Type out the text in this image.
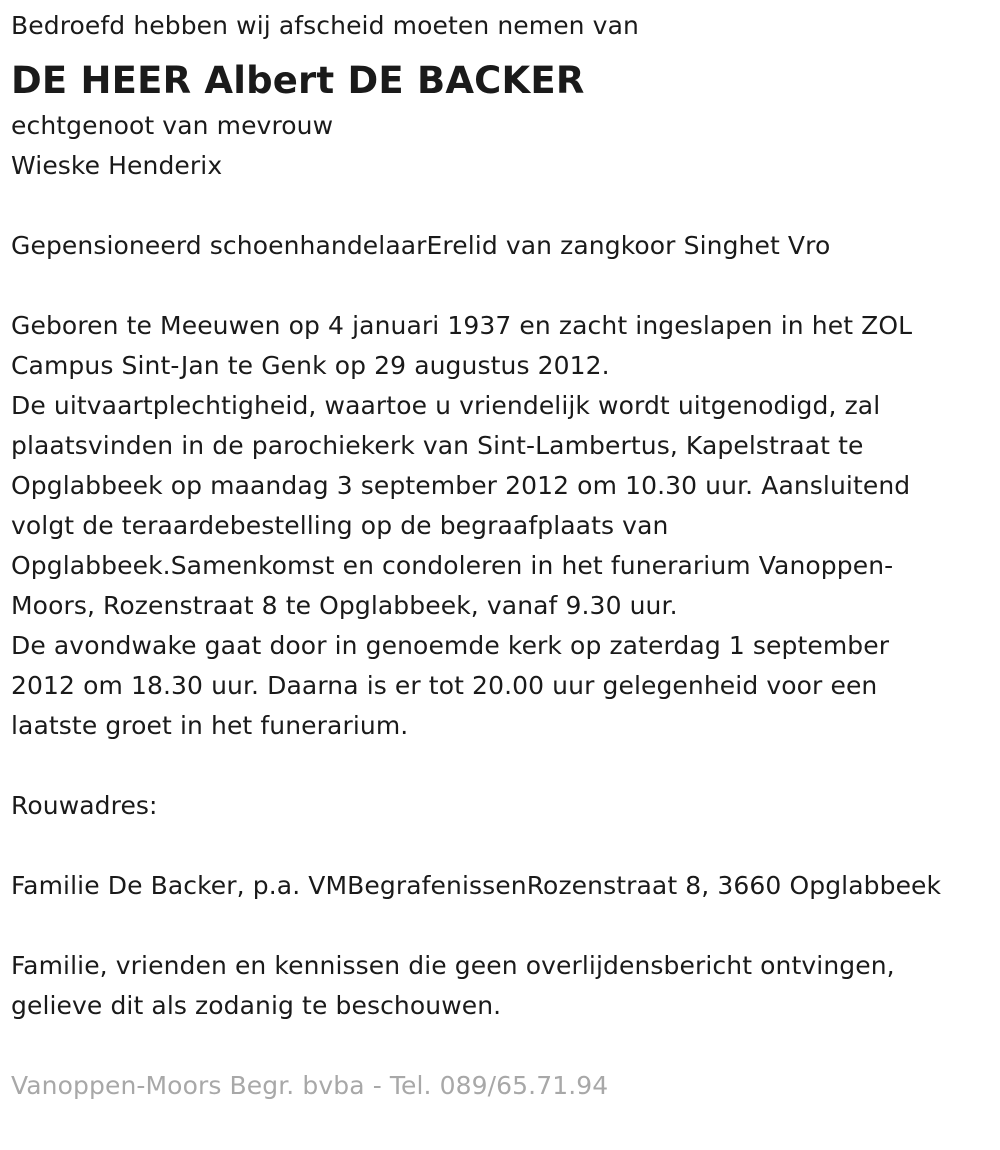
Bedroefd hebben wij afscheid moeten nemen van
DE HEER Albert DE BACKER
echtgenoot van mevrouw
Wieske Henderix
Gepensioneerd schoenhandelaarErelid van zangkoor Singhet Vro
Geboren te Meeuwen op 4 januari 1937 en zacht ingeslapen in het ZOL
Campus Sint-Jan te Genk op 29 augustus 2012.
De uitvaartplechtigheid, waartoe u vriendelijk wordt uitgenodigd, zal
plaatsvinden in de parochiekerk van Sint-Lambertus, Kapelstraat te
Opglabbeek op maandag 3 september 2012 om 10.30 uur. Aansluitend
volgt de teraardebestelling op de begraafplaats van
Opglabbeek.Samenkomst en condoleren in het funerarium Vanoppen-
Moors, Rozenstraat 8 te Opglabbeek, vanaf 9.30 uur.
De avondwake gaat door in genoemde kerk op zaterdag 1 september
2012 om 18.30 uur. Daarna is er tot 20.00 uur gelegenheid voor een
laatste groet in het funerarium.
Rouwadres:
Familie De Backer, p.a. VMBegrafenissenRozenstraat 8, 3660 Opglabbeek
Familie, vrienden en kennissen die geen overlijdensbericht ontvingen,
gelieve dit als zodanig te beschouwen.
Vanoppen-Moors Begr. bvba - Tel. 089/65.71.94
